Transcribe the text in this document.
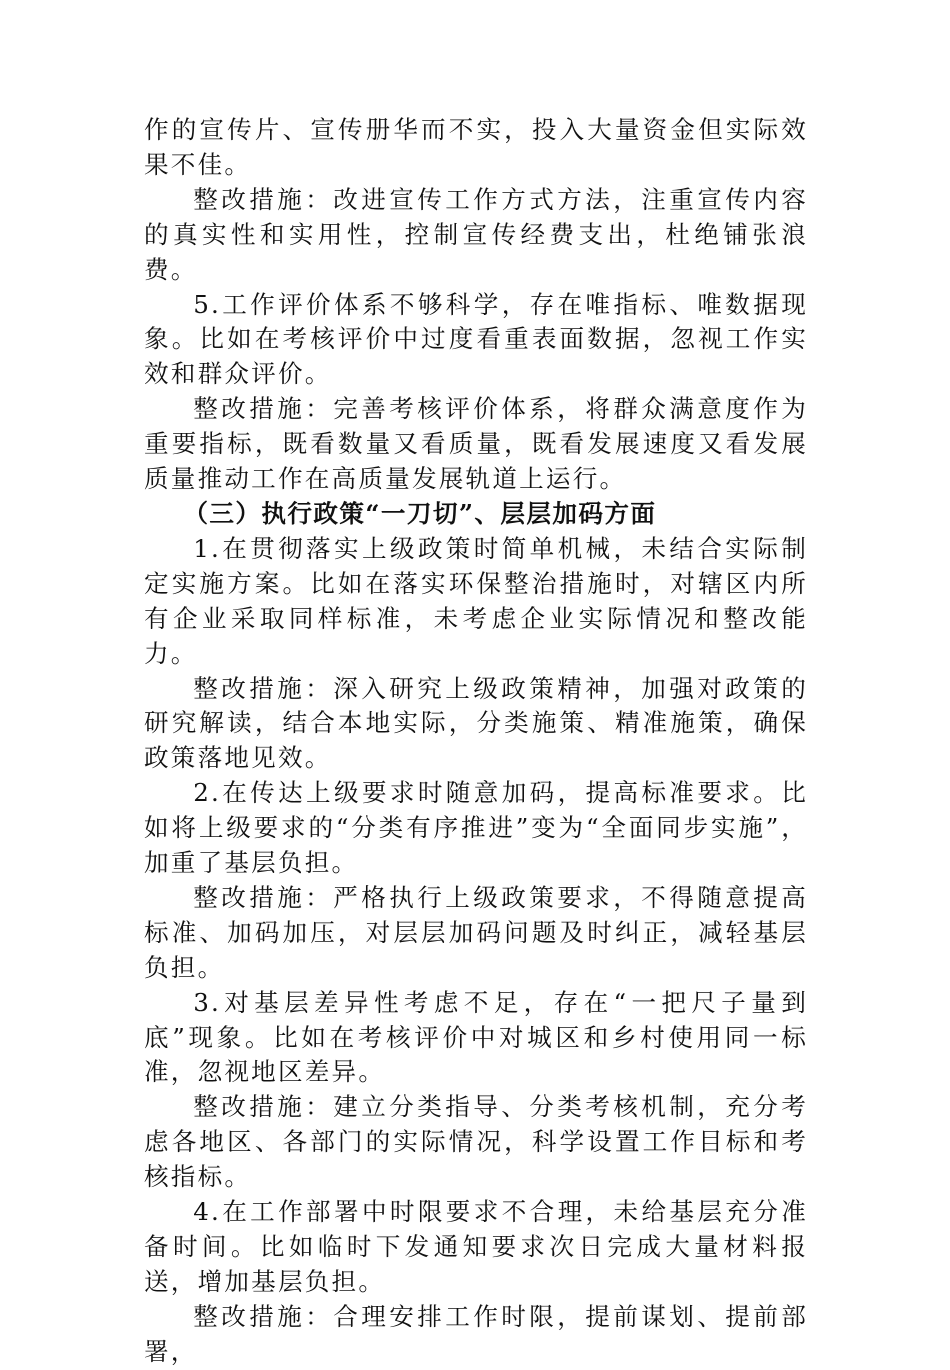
作的宣传片、宣传册华而不实，投入大量资金但实际效果不佳。

整改措施：改进宣传工作方式方法，注重宣传内容的真实性和实用性，控制宣传经费支出，杜绝铺张浪费。

5.工作评价体系不够科学，存在唯指标、唯数据现象。比如在考核评价中过度看重表面数据，忽视工作实效和群众评价。

整改措施：完善考核评价体系，将群众满意度作为重要指标，既看数量又看质量，既看发展速度又看发展质量推动工作在高质量发展轨道上运行。

（三）执行政策“一刀切”、层层加码方面

1.在贯彻落实上级政策时简单机械，未结合实际制定实施方案。比如在落实环保整治措施时，对辖区内所有企业采取同样标准，未考虑企业实际情况和整改能力。

整改措施：深入研究上级政策精神，加强对政策的研究解读，结合本地实际，分类施策、精准施策，确保政策落地见效。

2.在传达上级要求时随意加码，提高标准要求。比如将上级要求的“分类有序推进”变为“全面同步实施”，加重了基层负担。

整改措施：严格执行上级政策要求，不得随意提高标准、加码加压，对层层加码问题及时纠正，减轻基层负担。

3.对基层差异性考虑不足，存在“一把尺子量到底”现象。比如在考核评价中对城区和乡村使用同一标准，忽视地区差异。

整改措施：建立分类指导、分类考核机制，充分考虑各地区、各部门的实际情况，科学设置工作目标和考核指标。

4.在工作部署中时限要求不合理，未给基层充分准备时间。比如临时下发通知要求次日完成大量材料报送，增加基层负担。

整改措施：合理安排工作时限，提前谋划、提前部署，
